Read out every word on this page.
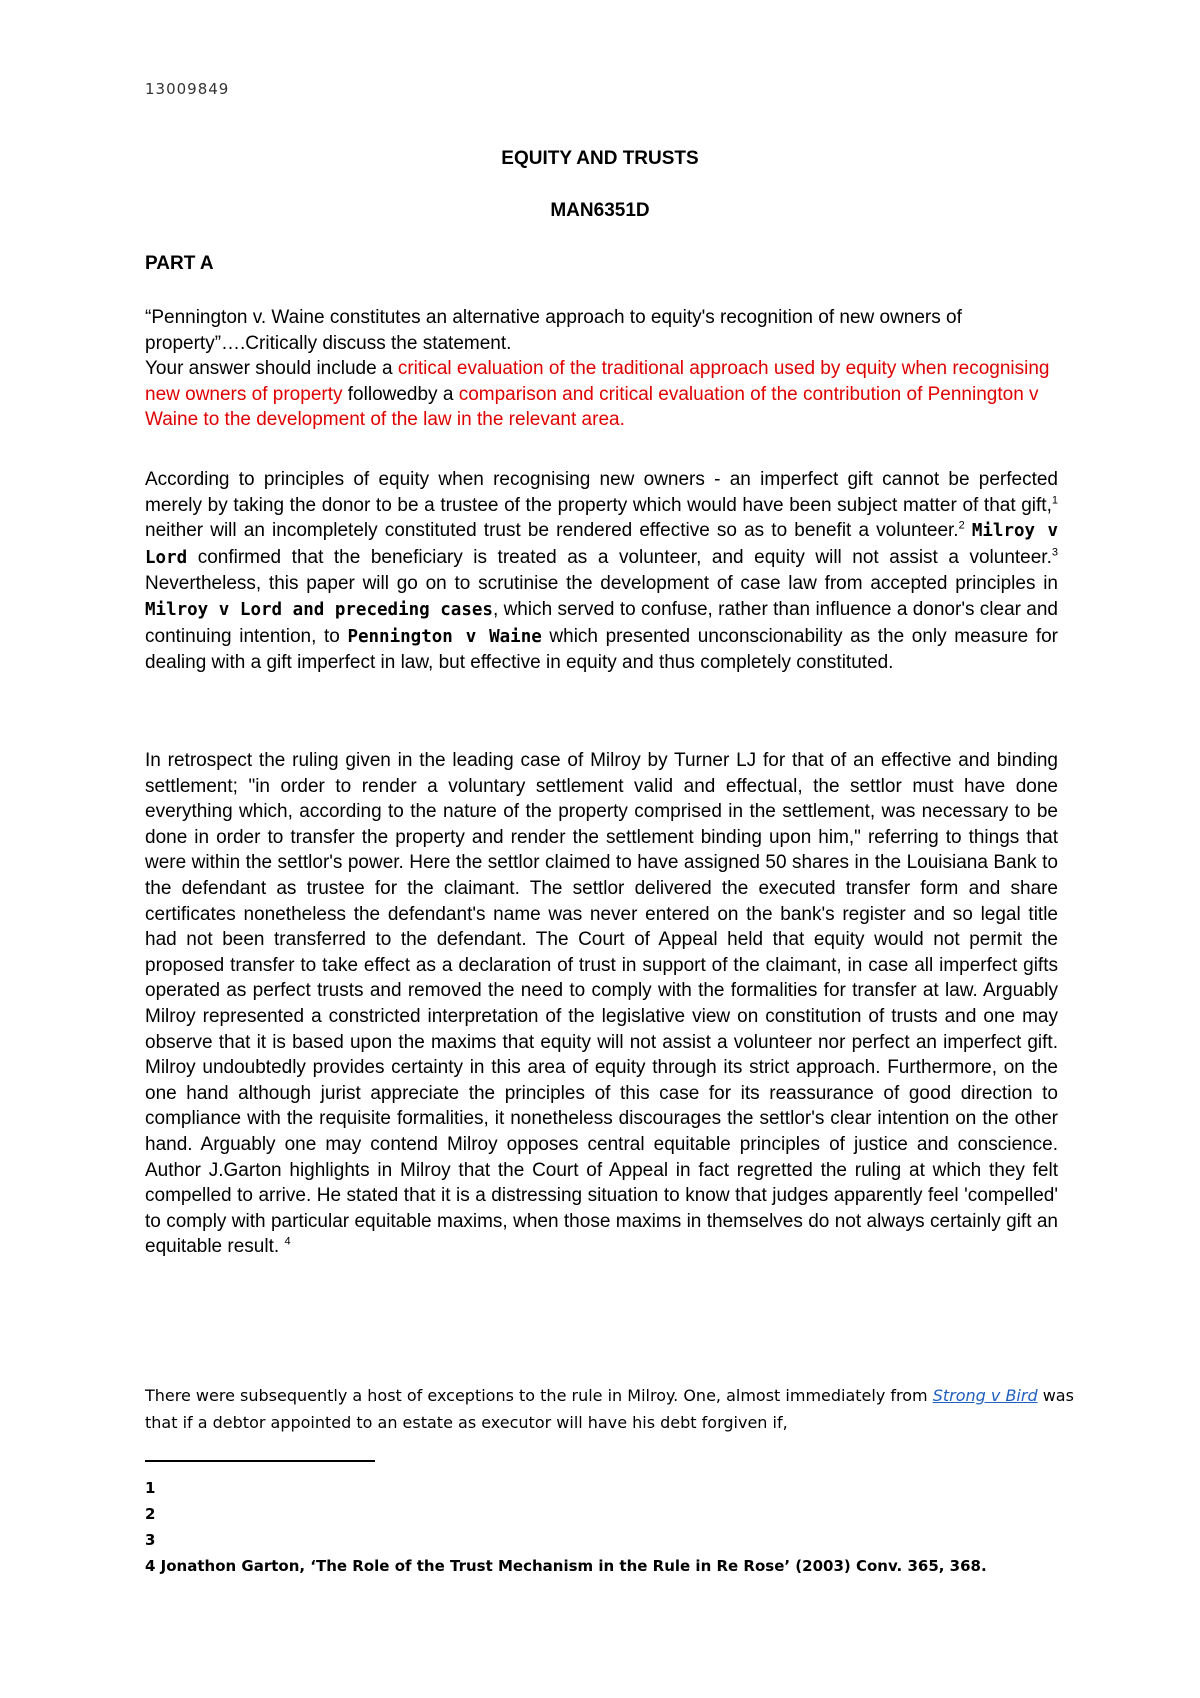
13009849
EQUITY AND TRUSTS
MAN6351D
PART A
“Pennington v. Waine constitutes an alternative approach to equity's recognition of new owners of property”….Critically discuss the statement.
Your answer should include a critical evaluation of the traditional approach used by equity when recognising new owners of property followedby a comparison and critical evaluation of the contribution of Pennington v Waine to the development of the law in the relevant area.
According to principles of equity when recognising new owners - an imperfect gift cannot be perfected merely by taking the donor to be a trustee of the property which would have been subject matter of that gift,$^1$ neither will an incompletely constituted trust be rendered effective so as to benefit a volunteer.$^2$ Milroy v Lord confirmed that the beneficiary is treated as a volunteer, and equity will not assist a volunteer.$^3$ Nevertheless, this paper will go on to scrutinise the development of case law from accepted principles in Milroy v Lord and preceding cases, which served to confuse, rather than influence a donor's clear and continuing intention, to Pennington v Waine which presented unconscionability as the only measure for dealing with a gift imperfect in law, but effective in equity and thus completely constituted.
In retrospect the ruling given in the leading case of Milroy by Turner LJ for that of an effective and binding settlement; "in order to render a voluntary settlement valid and effectual, the settlor must have done everything which, according to the nature of the property comprised in the settlement, was necessary to be done in order to transfer the property and render the settlement binding upon him," referring to things that were within the settlor's power. Here the settlor claimed to have assigned 50 shares in the Louisiana Bank to the defendant as trustee for the claimant. The settlor delivered the executed transfer form and share certificates nonetheless the defendant's name was never entered on the bank's register and so legal title had not been transferred to the defendant. The Court of Appeal held that equity would not permit the proposed transfer to take effect as a declaration of trust in support of the claimant, in case all imperfect gifts operated as perfect trusts and removed the need to comply with the formalities for transfer at law. Arguably Milroy represented a constricted interpretation of the legislative view on constitution of trusts and one may observe that it is based upon the maxims that equity will not assist a volunteer nor perfect an imperfect gift. Milroy undoubtedly provides certainty in this area of equity through its strict approach. Furthermore, on the one hand although jurist appreciate the principles of this case for its reassurance of good direction to compliance with the requisite formalities, it nonetheless discourages the settlor's clear intention on the other hand. Arguably one may contend Milroy opposes central equitable principles of justice and conscience. Author J.Garton highlights in Milroy that the Court of Appeal in fact regretted the ruling at which they felt compelled to arrive. He stated that it is a distressing situation to know that judges apparently feel 'compelled' to comply with particular equitable maxims, when those maxims in themselves do not always certainly gift an equitable result. $^4$
There were subsequently a host of exceptions to the rule in Milroy. One, almost immediately from Strong v Bird was that if a debtor appointed to an estate as executor will have his debt forgiven if,
1
2
3
4 Jonathon Garton, ‘The Role of the Trust Mechanism in the Rule in Re Rose’ (2003) Conv. 365, 368.
